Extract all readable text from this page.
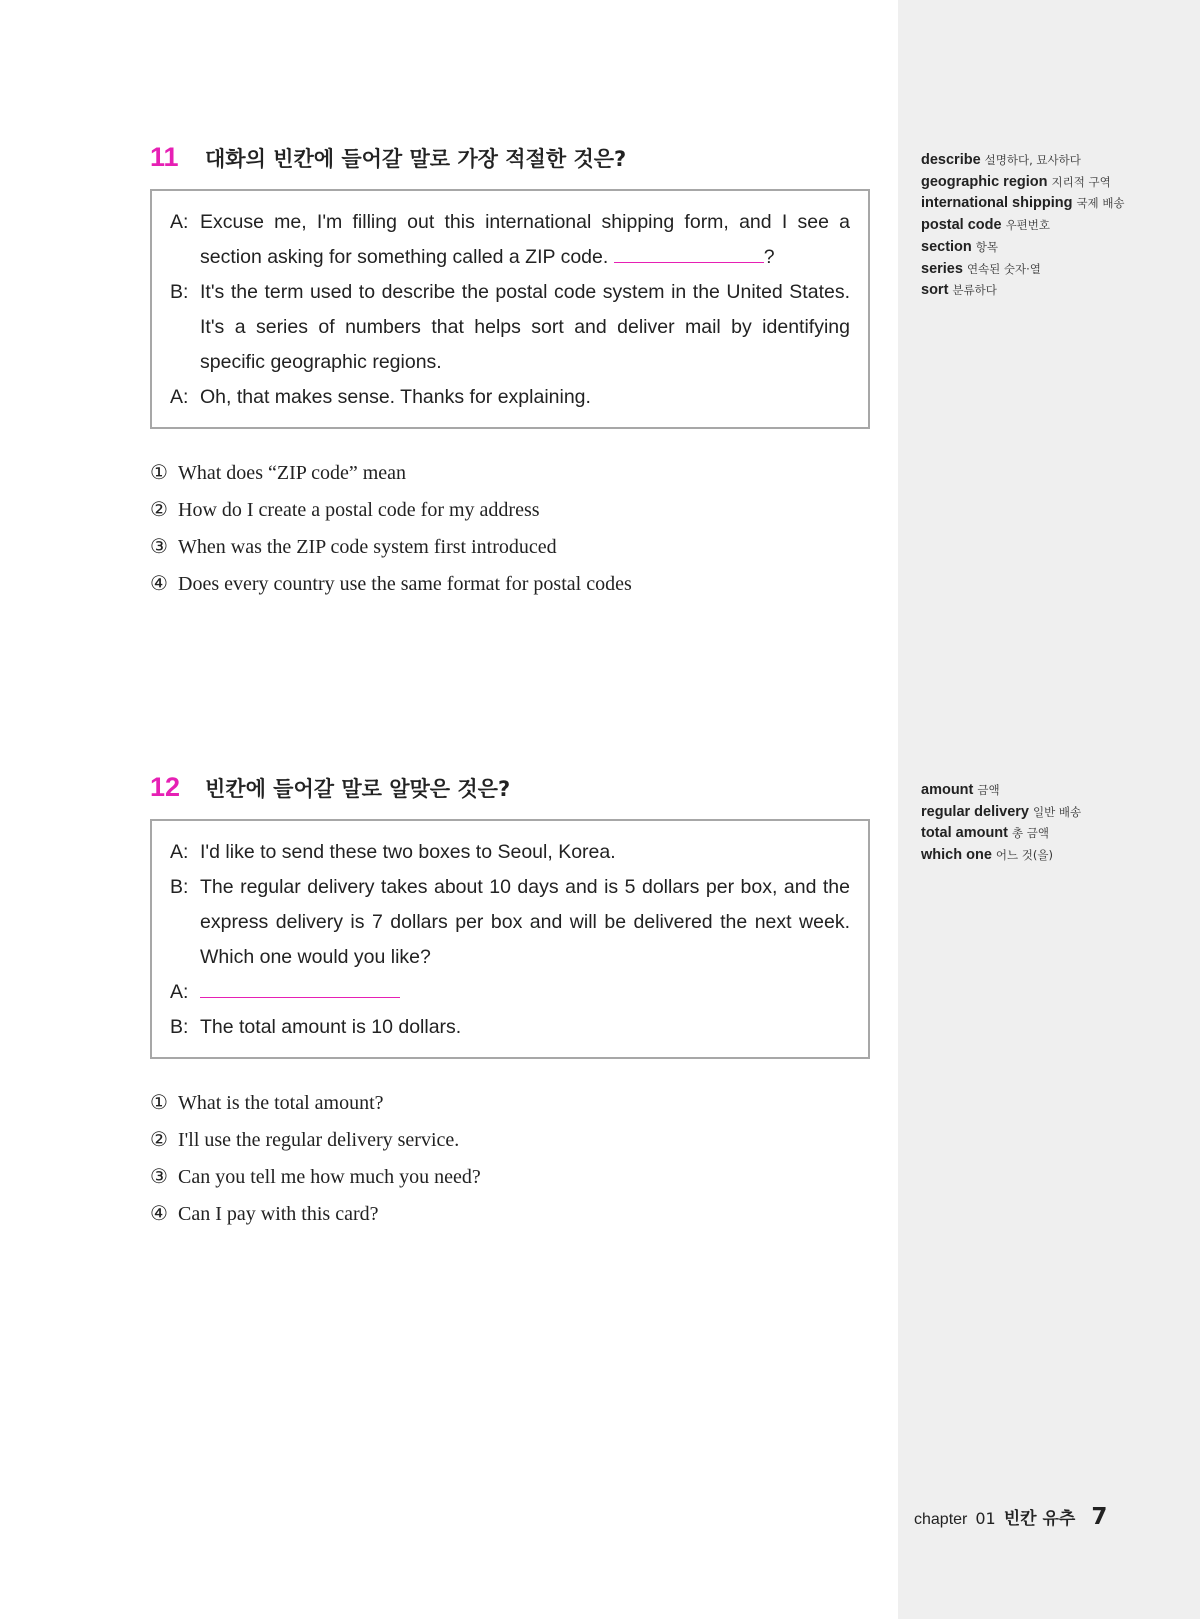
11	대화의 빈칸에 들어갈 말로 가장 적절한 것은?
A: Excuse me, I'm filling out this international shipping form, and I see a section asking for something called a ZIP code.	?
B: It's the term used to describe the postal code system in the United States. It's a series of numbers that helps sort and deliver mail by identifying specific geographic regions.
A: Oh, that makes sense. Thanks for explaining.
① What does “ZIP code” mean
② How do I create a postal code for my address
③ When was the ZIP code system first introduced
④ Does every country use the same format for postal codes
12	빈칸에 들어갈 말로 알맞은 것은?
A: I'd like to send these two boxes to Seoul, Korea.
B: The regular delivery takes about 10 days and is 5 dollars per box, and the express delivery is 7 dollars per box and will be delivered the next week. Which one would you like?
A:
B: The total amount is 10 dollars.
① What is the total amount?
② I'll use the regular delivery service.
③ Can you tell me how much you need?
④ Can I pay with this card?
describe 설명하다, 묘사하다
geographic region 지리적 구역
international shipping 국제 배송
postal code 우편번호
section 항목
series 연속된 숫자·열
sort 분류하다
amount 금액
regular delivery 일반 배송
total amount 총 금액
which one 어느 것(을)
chapter 01 빈칸 유추 7
